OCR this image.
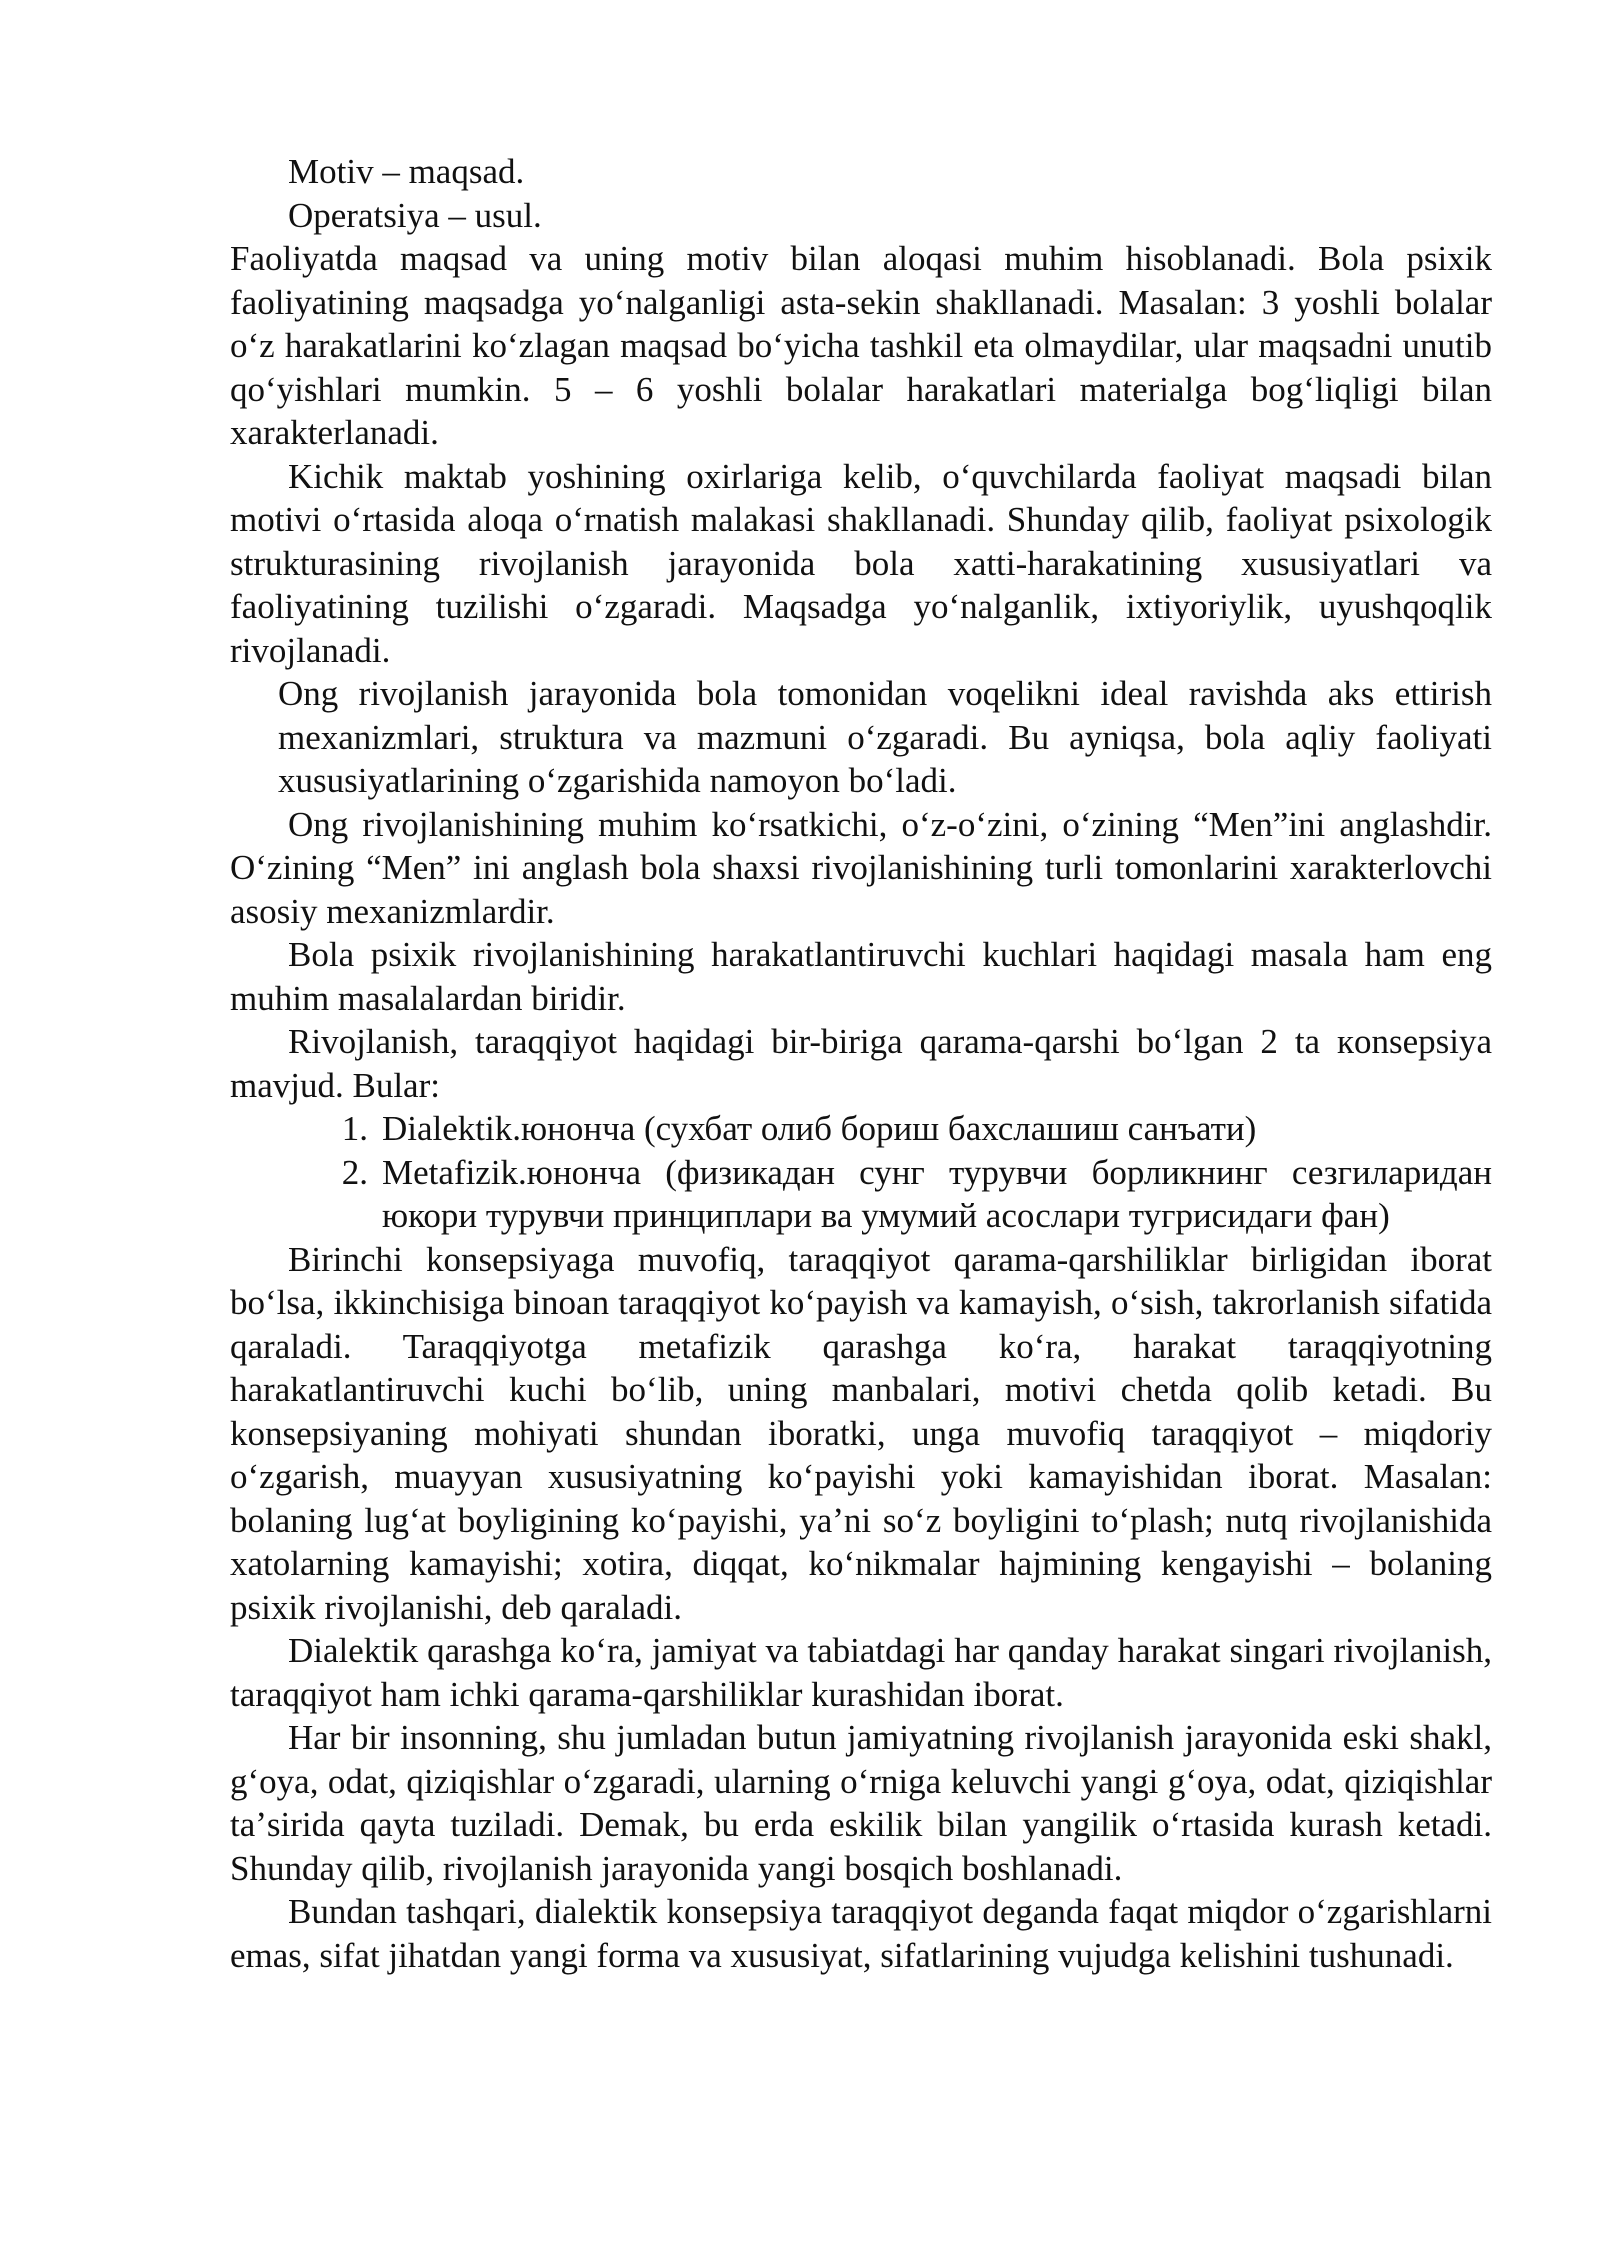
Motiv – maqsad.

Operatsiya – usul.

Faoliyatda maqsad va uning motiv bilan aloqasi muhim hisoblanadi. Bola psixik faoliyatining maqsadga yoʻnalganligi asta-sekin shakllanadi. Masalan: 3 yoshli bolalar oʻz harakatlarini koʻzlagan maqsad boʻyicha tashkil eta olmaydilar, ular maqsadni unutib qoʻyishlari mumkin. 5 – 6 yoshli bolalar harakatlari materialga bogʻliqligi bilan xarakterlanadi.

Kichik maktab yoshining oxirlariga kelib, oʻquvchilarda faoliyat maqsadi bilan motivi oʻrtasida aloqa oʻrnatish malakasi shakllanadi. Shunday qilib, faoliyat psixologik strukturasining rivojlanish jarayonida bola xatti-harakatining xususiyatlari va faoliyatining tuzilishi oʻzgaradi. Maqsadga yoʻnalganlik, ixtiyoriylik, uyushqoqlik rivojlanadi.

Ong rivojlanish jarayonida bola tomonidan voqelikni ideal ravishda aks ettirish mexanizmlari, struktura va mazmuni oʻzgaradi. Bu ayniqsa, bola aqliy faoliyati xususiyatlarining oʻzgarishida namoyon boʻladi.

Ong rivojlanishining muhim koʻrsatkichi, oʻz-oʻzini, oʻzining “Men”ini anglashdir. Oʻzining “Men” ini anglash bola shaxsi rivojlanishining turli tomonlarini xarakterlovchi asosiy mexanizmlardir.

Bola psixik rivojlanishining harakatlantiruvchi kuchlari haqidagi masala ham eng muhim masalalardan biridir.

Rivojlanish, taraqqiyot haqidagi bir-biriga qarama-qarshi boʻlgan 2 ta кonsepsiya mavjud. Bular:

1. Dialektik.юнонча (сухбат олиб бориш бахслашиш санъати)
2. Metafizik.юнонча (физикадан сунг турувчи борликнинг сезгиларидан юкори турувчи принциплари ва умумий асослари тугрисидаги фан)

Birinchi konsepsiyaga muvofiq, taraqqiyot qarama-qarshiliklar birligidan iborat boʻlsa, ikkinchisiga binoan taraqqiyot koʻpayish va kamayish, oʻsish, takrorlanish sifatida qaraladi. Taraqqiyotga metafizik qarashga koʻra, harakat taraqqiyotning harakatlantiruvchi kuchi boʻlib, uning manbalari, motivi chetda qolib ketadi. Bu konsepsiyaning mohiyati shundan iboratki, unga muvofiq taraqqiyot – miqdoriy oʻzgarish, muayyan xususiyatning koʻpayishi yoki kamayishidan iborat. Masalan: bolaning lugʻat boyligining koʻpayishi, yaʼni soʻz boyligini toʻplash; nutq rivojlanishida xatolarning kamayishi; xotira, diqqat, koʻnikmalar hajmining kengayishi – bolaning psixik rivojlanishi, deb qaraladi.

Dialektik qarashga koʻra, jamiyat va tabiatdagi har qanday harakat singari rivojlanish, taraqqiyot ham ichki qarama-qarshiliklar kurashidan iborat.

Har bir insonning, shu jumladan butun jamiyatning rivojlanish jarayonida eski shakl, gʻoya, odat, qiziqishlar oʻzgaradi, ularning oʻrniga keluvchi yangi gʻoya, odat, qiziqishlar taʼsirida qayta tuziladi. Demak, bu erda eskilik bilan yangilik oʻrtasida kurash ketadi. Shunday qilib, rivojlanish jarayonida yangi bosqich boshlanadi.

Bundan tashqari, dialektik konsepsiya taraqqiyot deganda faqat miqdor oʻzgarishlarni emas, sifat jihatdan yangi forma va xususiyat, sifatlarining vujudga kelishini tushunadi.
